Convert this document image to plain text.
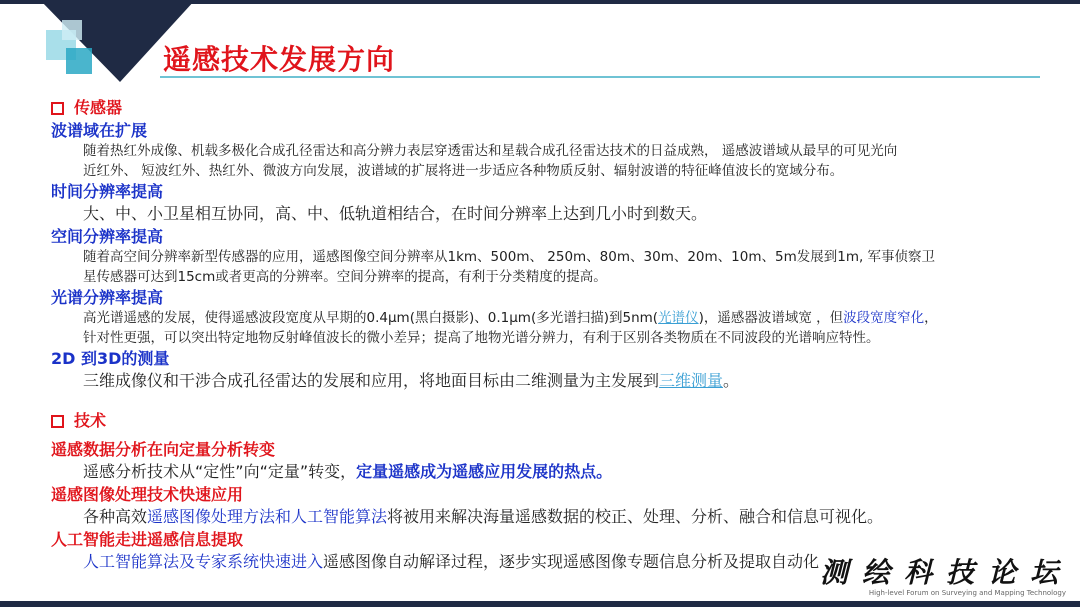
遥感技术发展方向
传感器
波谱域在扩展
随着热红外成像、机载多极化合成孔径雷达和高分辨力表层穿透雷达和星载合成孔径雷达技术的日益成熟， 遥感波谱域从最早的可见光向
近红外、 短波红外、热红外、微波方向发展，波谱域的扩展将进一步适应各种物质反射、辐射波谱的特征峰值波长的宽域分布。
时间分辨率提高
大、中、小卫星相互协同，高、中、低轨道相结合，在时间分辨率上达到几小时到数天。
空间分辨率提高
随着高空间分辨率新型传感器的应用，遥感图像空间分辨率从1km、500m、 250m、80m、30m、20m、10m、5m发展到1m, 军事侦察卫
星传感器可达到15cm或者更高的分辨率。空间分辨率的提高，有利于分类精度的提高。
光谱分辨率提高
高光谱遥感的发展，使得遥感波段宽度从早期的0.4μm(黑白摄影)、0.1μm(多光谱扫描)到5nm(光谱仪)，遥感器波谱域宽 ，但波段宽度窄化，
针对性更强，可以突出特定地物反射峰值波长的微小差异；提高了地物光谱分辨力，有利于区别各类物质在不同波段的光谱响应特性。
2D 到3D的测量
三维成像仪和干涉合成孔径雷达的发展和应用，将地面目标由二维测量为主发展到三维测量。
技术
遥感数据分析在向定量分析转变
遥感分析技术从“定性”向“定量”转变，定量遥感成为遥感应用发展的热点。
遥感图像处理技术快速应用
各种高效遥感图像处理方法和人工智能算法将被用来解决海量遥感数据的校正、处理、分析、融合和信息可视化。
人工智能走进遥感信息提取
人工智能算法及专家系统快速进入遥感图像自动解译过程，逐步实现遥感图像专题信息分析及提取自动化 测绘科技论坛
High-level Forum on Surveying and Mapping Technology
